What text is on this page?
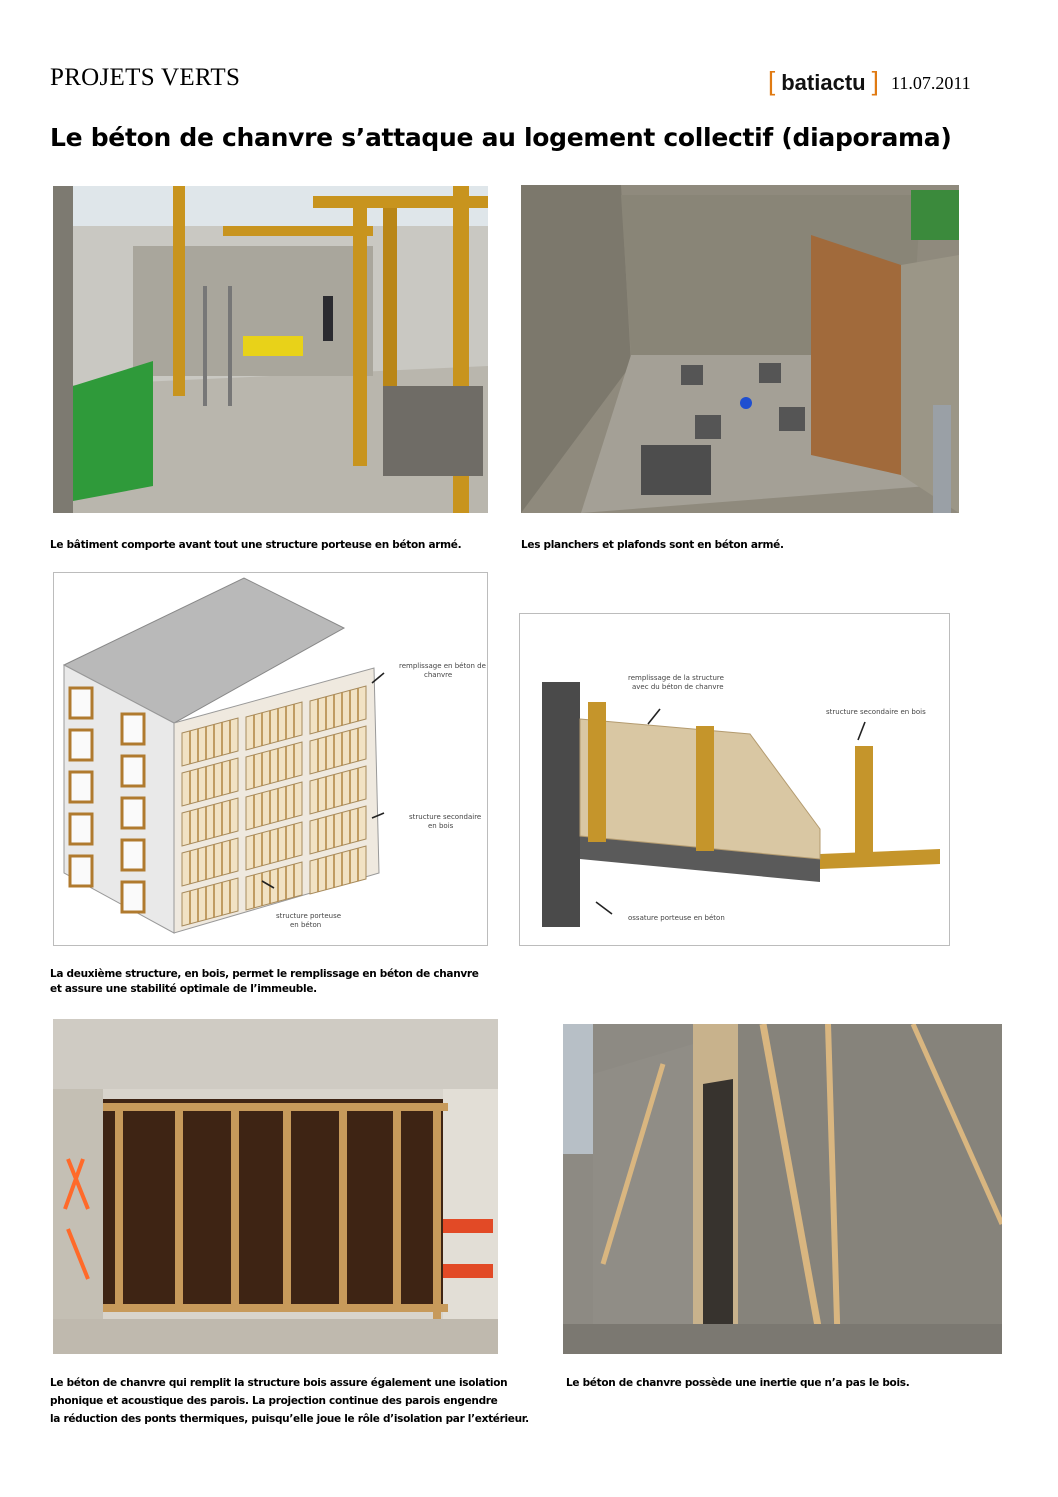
PROJETS VERTS	[ batiactu ] 11.07.2011
Le béton de chanvre s’attaque au logement collectif (diaporama)
Le bâtiment comporte avant tout une structure porteuse en béton armé.	Les planchers et plafonds sont en béton armé.
remplissage en béton de
chanvre
structure secondaire
en bois
structure porteuse
en béton
remplissage de la structure
avec du béton de chanvre
structure secondaire en bois
ossature porteuse en béton
La deuxième structure, en bois, permet le remplissage en béton de chanvre
et assure une stabilité optimale de l’immeuble.
Le béton de chanvre qui remplit la structure bois assure également une isolation
phonique et acoustique des parois. La projection continue des parois engendre
la réduction des ponts thermiques, puisqu’elle joue le rôle d’isolation par l’extérieur.
Le béton de chanvre possède une inertie que n’a pas le bois.
